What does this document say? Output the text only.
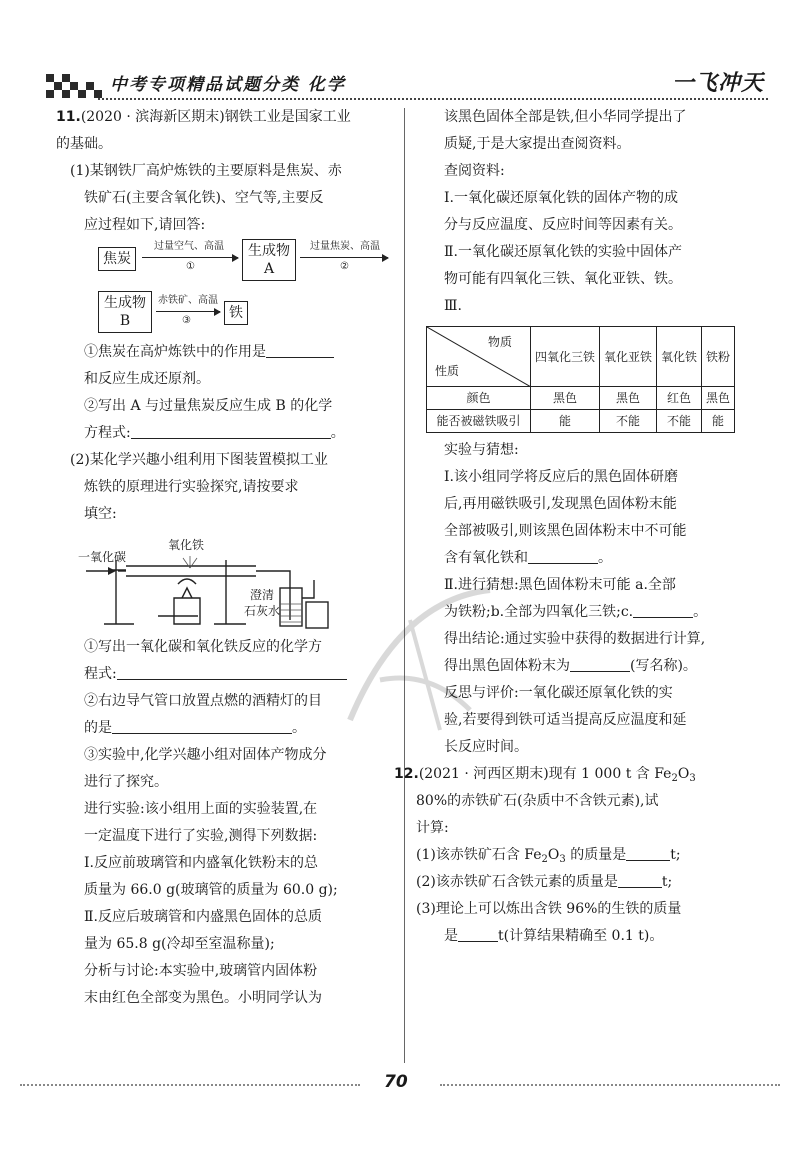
中考专项精品试题分类 化学	一飞冲天
11.(2020 · 滨海新区期末)钢铁工业是国家工业
的基础。
(1)某钢铁厂高炉炼铁的主要原料是焦炭、赤
铁矿石(主要含氧化铁)、空气等,主要反
应过程如下,请回答:
焦炭
过量空气、高温
①
生成物
A
过量焦炭、高温
②
生成物
B
赤铁矿、高温
③	铁
①焦炭在高炉炼铁中的作用是
和反应生成还原剂。
②写出 A 与过量焦炭反应生成 B 的化学
方程式:	。
(2)某化学兴趣小组利用下图装置模拟工业
炼铁的原理进行实验探究,请按要求
填空:
一氧化碳
氧化铁
澄清
石灰水
①写出一氧化碳和氧化铁反应的化学方
程式:
②右边导气管口放置点燃的酒精灯的目
的是	。
③实验中,化学兴趣小组对固体产物成分
进行了探究。
进行实验:该小组用上面的实验装置,在
一定温度下进行了实验,测得下列数据:
Ⅰ.反应前玻璃管和内盛氧化铁粉末的总
质量为 66.0 g(玻璃管的质量为 60.0 g);
Ⅱ.反应后玻璃管和内盛黑色固体的总质
量为 65.8 g(冷却至室温称量);
分析与讨论:本实验中,玻璃管内固体粉
末由红色全部变为黑色。小明同学认为
该黑色固体全部是铁,但小华同学提出了
质疑,于是大家提出查阅资料。
查阅资料:
Ⅰ.一氧化碳还原氧化铁的固体产物的成
分与反应温度、反应时间等因素有关。
Ⅱ.一氧化碳还原氧化铁的实验中固体产
物可能有四氧化三铁、氧化亚铁、铁。
Ⅲ.
物质
性质	四氧化三铁	氧化亚铁	氧化铁	铁粉
颜色	黑色	黑色	红色	黑色
能否被磁铁吸引	能	不能	不能	能
实验与猜想:
Ⅰ.该小组同学将反应后的黑色固体研磨
后,再用磁铁吸引,发现黑色固体粉末能
全部被吸引,则该黑色固体粉末中不可能
含有氧化铁和	。
Ⅱ.进行猜想:黑色固体粉末可能 a.全部
为铁粉;b.全部为四氧化三铁;c.	。
得出结论:通过实验中获得的数据进行计算,
得出黑色固体粉末为	(写名称)。
反思与评价:一氧化碳还原氧化铁的实
验,若要得到铁可适当提高反应温度和延
长反应时间。
12.(2021 · 河西区期末)现有 1 000 t 含 $Fe_2O_3$
80%的赤铁矿石(杂质中不含铁元素),试
计算:
(1)该赤铁矿石含 $Fe_2O_3$ 的质量是	t;
(2)该赤铁矿石含铁元素的质量是	t;
(3)理论上可以炼出含铁 96%的生铁的质量
是	t(计算结果精确至 0.1 t)。
70
